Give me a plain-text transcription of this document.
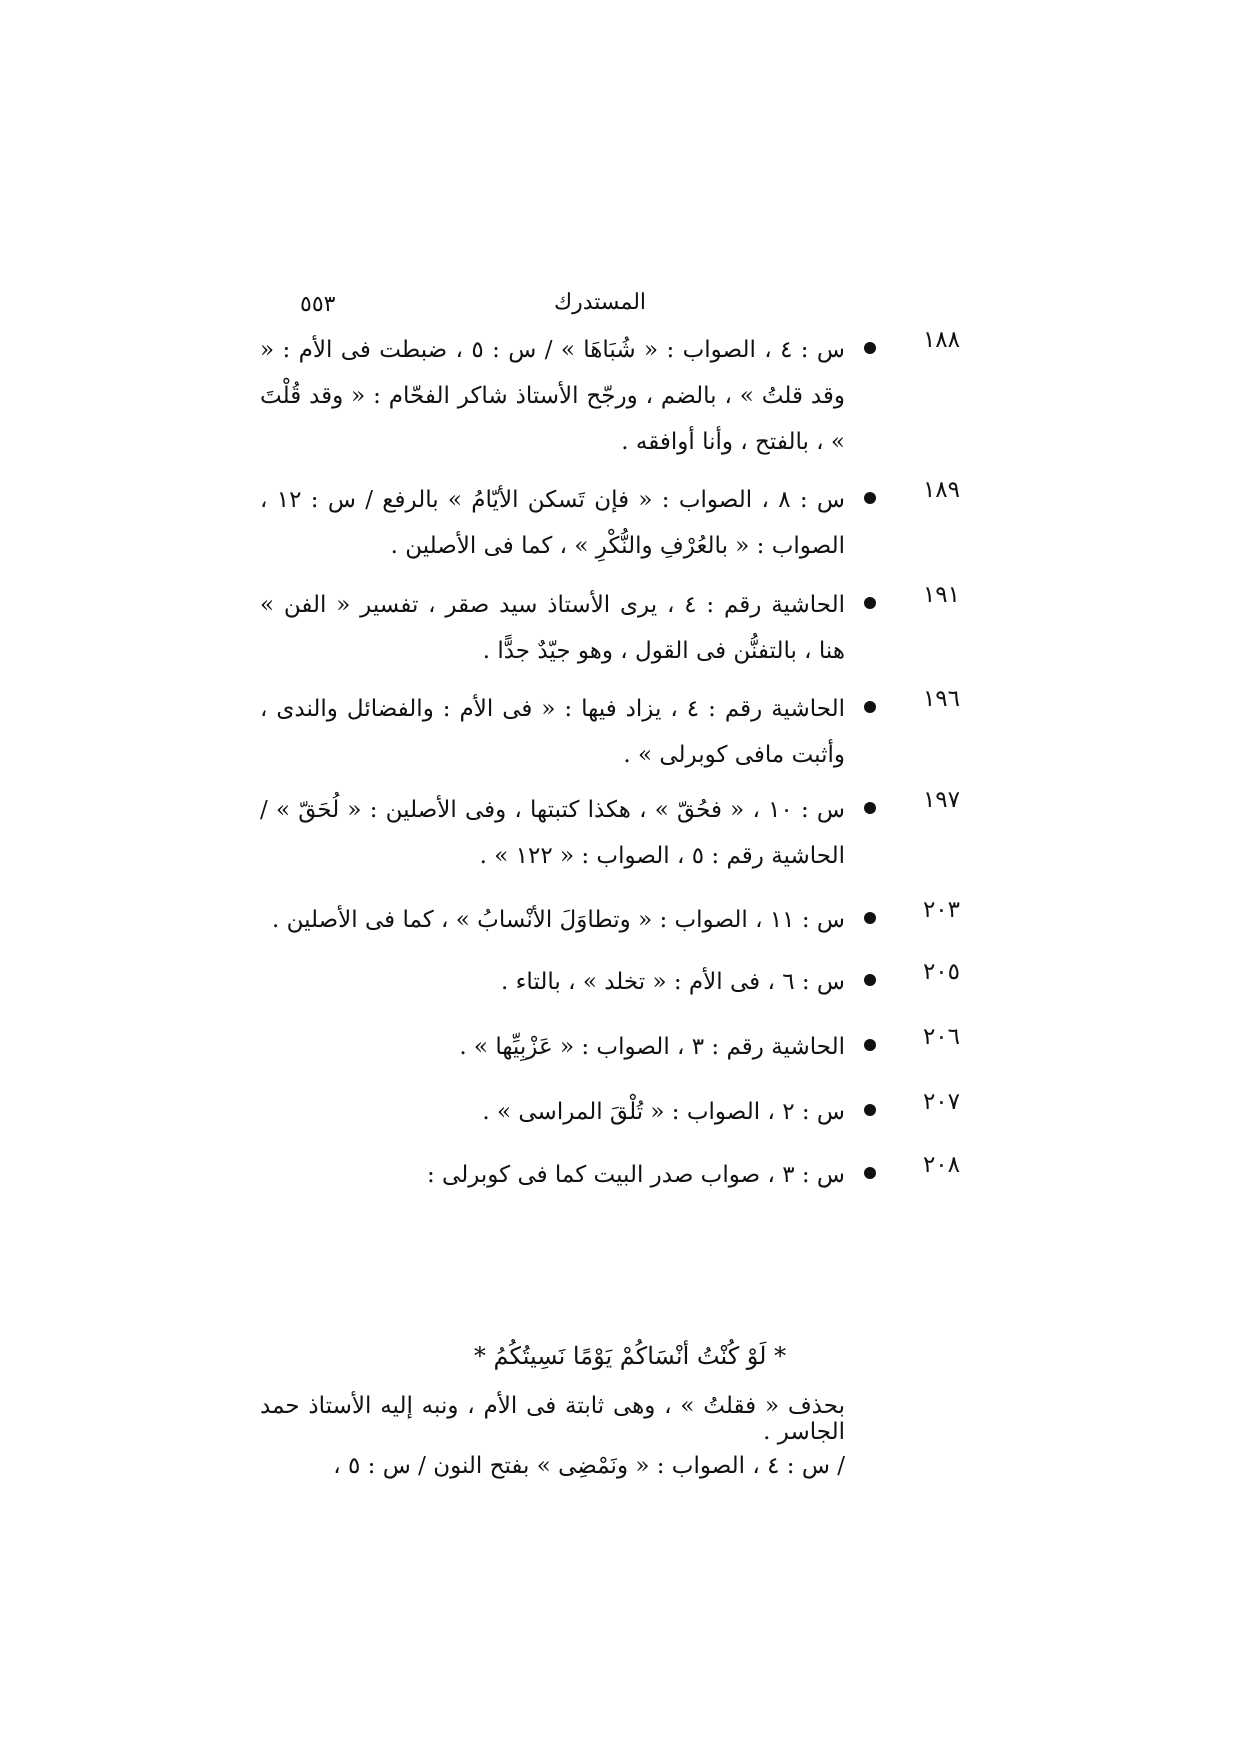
المستدرك
٥٥٣
١٨٨
س : ٤ ، الصواب : « شُبَاهَا » / س : ٥ ، ضبطت فى الأم : « وقد قلتُ » ، بالضم ، ورجّح الأستاذ شاكر الفحّام : « وقد قُلْتَ » ، بالفتح ، وأنا أوافقه .
١٨٩
س : ٨ ، الصواب : « فإن تَسكن الأيّامُ » بالرفع / س : ١٢ ، الصواب : « بالعُرْفِ والنُّكْرِ » ، كما فى الأصلين .
١٩١
الحاشية رقم : ٤ ، يرى الأستاذ سيد صقر ، تفسير « الفن » هنا ، بالتفنُّن فى القول ، وهو جيّدٌ جدًّا .
١٩٦
الحاشية رقم : ٤ ، يزاد فيها : « فى الأم : والفضائل والندى ، وأثبت مافى كوبرلى » .
١٩٧
س : ١٠ ، « فحُقّ » ، هكذا كتبتها ، وفى الأصلين : « لُحَقّ » / الحاشية رقم : ٥ ، الصواب : « ١٢٢ » .
٢٠٣
س : ١١ ، الصواب : « وتطاوَلَ الأنْسابُ » ، كما فى الأصلين .
٢٠٥
س : ٦ ، فى الأم : « تخلد » ، بالتاء .
٢٠٦
الحاشية رقم : ٣ ، الصواب : « عَزْبِيِّها » .
٢٠٧
س : ٢ ، الصواب : « تُلْقَ المراسى » .
٢٠٨
س : ٣ ، صواب صدر البيت كما فى كوبرلى :
* لَوْ كُنْتُ أنْسَاكُمْ يَوْمًا نَسِيتُكُمُ *
بحذف « فقلتُ » ، وهى ثابتة فى الأم ، ونبه إليه الأستاذ حمد الجاسر .
/ س : ٤ ، الصواب : « ونَمْضِى » بفتح النون / س : ٥ ،
